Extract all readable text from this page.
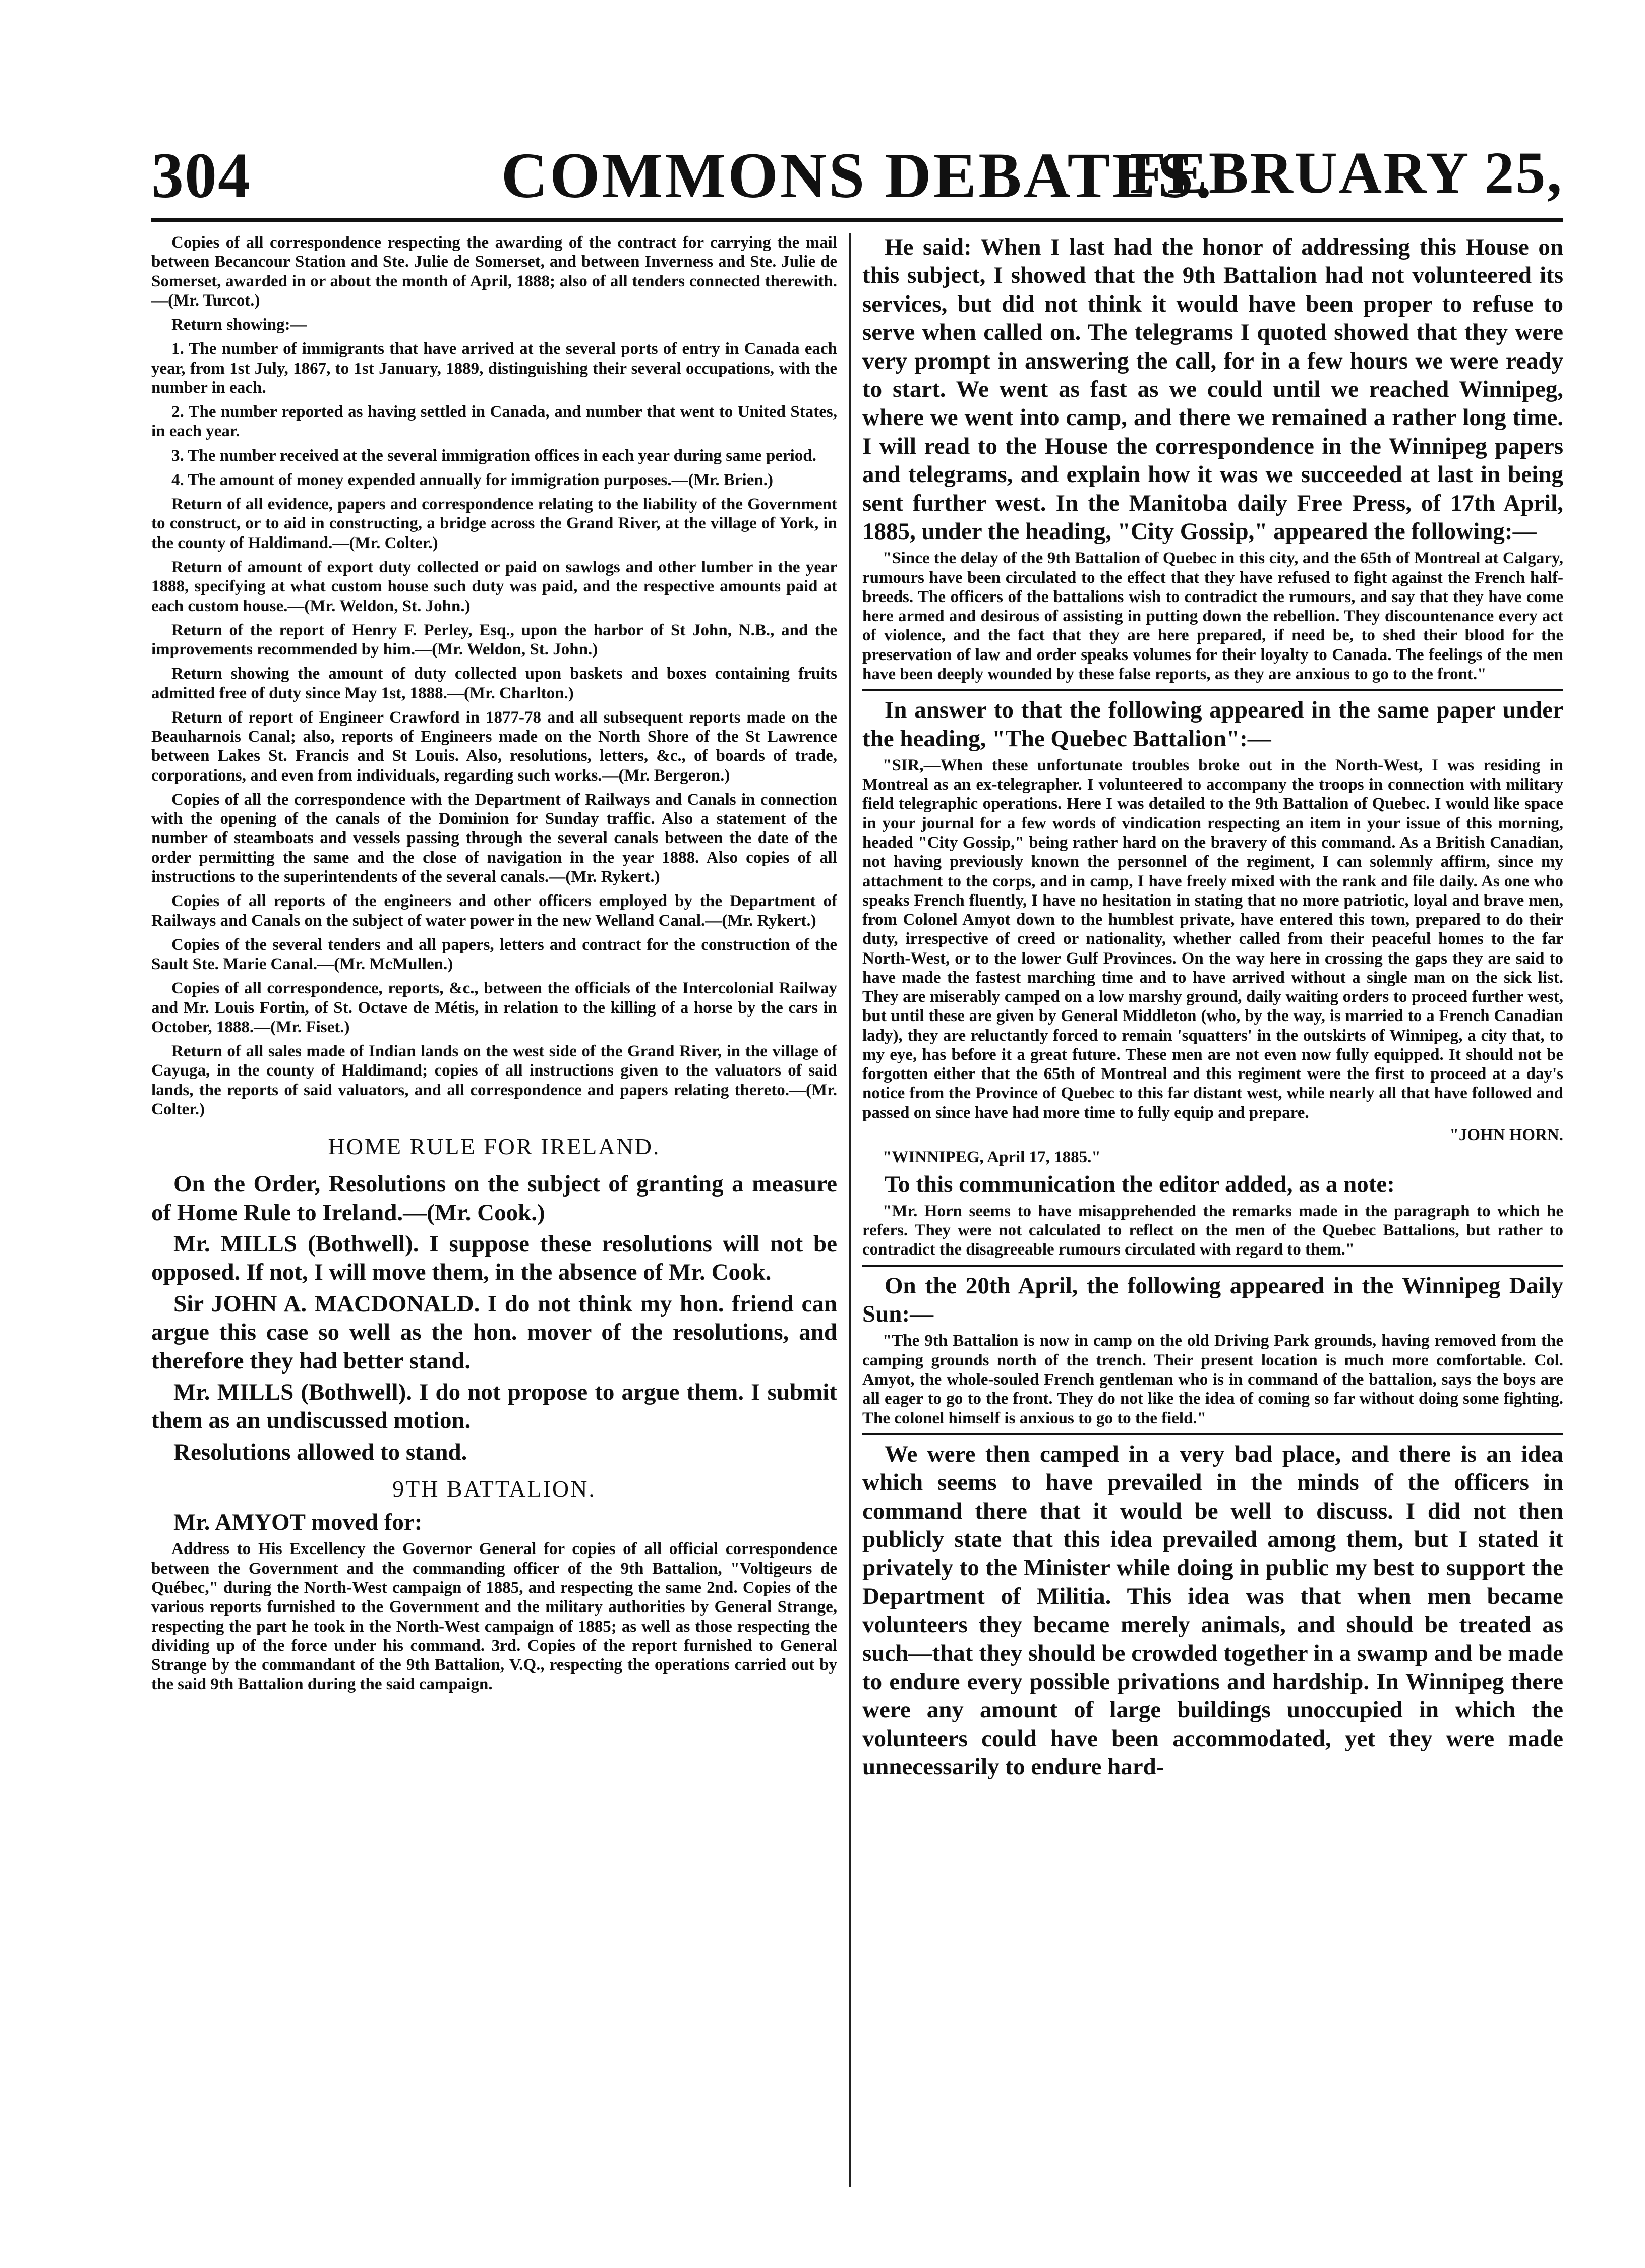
304	COMMONS DEBATES.
FEBRUARY 25,

Copies of all correspondence respecting the awarding of the contract for carrying the mail between Becancour Station and Ste. Julie de Somerset, and between Inverness and Ste. Julie de Somerset, awarded in or about the month of April, 1888; also of all tenders connected therewith.—(Mr. Turcot.)

Return showing:—

1. The number of immigrants that have arrived at the several ports of entry in Canada each year, from 1st July, 1867, to 1st January, 1889, distinguishing their several occupations, with the number in each.

2. The number reported as having settled in Canada, and number that went to United States, in each year.

3. The number received at the several immigration offices in each year during same period.

4. The amount of money expended annually for immigration purposes.—(Mr. Brien.)

Return of all evidence, papers and correspondence relating to the liability of the Government to construct, or to aid in constructing, a bridge across the Grand River, at the village of York, in the county of Haldimand.—(Mr. Colter.)

Return of amount of export duty collected or paid on sawlogs and other lumber in the year 1888, specifying at what custom house such duty was paid, and the respective amounts paid at each custom house.—(Mr. Weldon, St. John.)

Return of the report of Henry F. Perley, Esq., upon the harbor of St John, N.B., and the improvements recommended by him.—(Mr. Weldon, St. John.)

Return showing the amount of duty collected upon baskets and boxes containing fruits admitted free of duty since May 1st, 1888.—(Mr. Charlton.)

Return of report of Engineer Crawford in 1877-78 and all subsequent reports made on the Beauharnois Canal; also, reports of Engineers made on the North Shore of the St Lawrence between Lakes St. Francis and St Louis. Also, resolutions, letters, &c., of boards of trade, corporations, and even from individuals, regarding such works.—(Mr. Bergeron.)

Copies of all the correspondence with the Department of Railways and Canals in connection with the opening of the canals of the Dominion for Sunday traffic. Also a statement of the number of steamboats and vessels passing through the several canals between the date of the order permitting the same and the close of navigation in the year 1888. Also copies of all instructions to the superintendents of the several canals.—(Mr. Rykert.)

Copies of all reports of the engineers and other officers employed by the Department of Railways and Canals on the subject of water power in the new Welland Canal.—(Mr. Rykert.)

Copies of the several tenders and all papers, letters and contract for the construction of the Sault Ste. Marie Canal.—(Mr. McMullen.)

Copies of all correspondence, reports, &c., between the officials of the Intercolonial Railway and Mr. Louis Fortin, of St. Octave de Métis, in relation to the killing of a horse by the cars in October, 1888.—(Mr. Fiset.)

Return of all sales made of Indian lands on the west side of the Grand River, in the village of Cayuga, in the county of Haldimand; copies of all instructions given to the valuators of said lands, the reports of said valuators, and all correspondence and papers relating thereto.—(Mr. Colter.)

HOME RULE FOR IRELAND.

On the Order, Resolutions on the subject of granting a measure of Home Rule to Ireland.—(Mr. Cook.)

Mr. MILLS (Bothwell). I suppose these resolutions will not be opposed. If not, I will move them, in the absence of Mr. Cook.

Sir JOHN A. MACDONALD. I do not think my hon. friend can argue this case so well as the hon. mover of the resolutions, and therefore they had better stand.

Mr. MILLS (Bothwell). I do not propose to argue them. I submit them as an undiscussed motion.

Resolutions allowed to stand.

9TH BATTALION.

Mr. AMYOT moved for:

Address to His Excellency the Governor General for copies of all official correspondence between the Government and the commanding officer of the 9th Battalion, "Voltigeurs de Québec," during the North-West campaign of 1885, and respecting the same 2nd. Copies of the various reports furnished to the Government and the military authorities by General Strange, respecting the part he took in the North-West campaign of 1885; as well as those respecting the dividing up of the force under his command. 3rd. Copies of the report furnished to General Strange by the commandant of the 9th Battalion, V.Q., respecting the operations carried out by the said 9th Battalion during the said campaign.

He said: When I last had the honor of addressing this House on this subject, I showed that the 9th Battalion had not volunteered its services, but did not think it would have been proper to refuse to serve when called on. The telegrams I quoted showed that they were very prompt in answering the call, for in a few hours we were ready to start. We went as fast as we could until we reached Winnipeg, where we went into camp, and there we remained a rather long time. I will read to the House the correspondence in the Winnipeg papers and telegrams, and explain how it was we succeeded at last in being sent further west. In the Manitoba daily Free Press, of 17th April, 1885, under the heading, "City Gossip," appeared the following:—

"Since the delay of the 9th Battalion of Quebec in this city, and the 65th of Montreal at Calgary, rumours have been circulated to the effect that they have refused to fight against the French half-breeds. The officers of the battalions wish to contradict the rumours, and say that they have come here armed and desirous of assisting in putting down the rebellion. They discountenance every act of violence, and the fact that they are here prepared, if need be, to shed their blood for the preservation of law and order speaks volumes for their loyalty to Canada. The feelings of the men have been deeply wounded by these false reports, as they are anxious to go to the front."

In answer to that the following appeared in the same paper under the heading, "The Quebec Battalion":—

"SIR,—When these unfortunate troubles broke out in the North-West, I was residing in Montreal as an ex-telegrapher. I volunteered to accompany the troops in connection with military field telegraphic operations. Here I was detailed to the 9th Battalion of Quebec. I would like space in your journal for a few words of vindication respecting an item in your issue of this morning, headed "City Gossip," being rather hard on the bravery of this command. As a British Canadian, not having previously known the personnel of the regiment, I can solemnly affirm, since my attachment to the corps, and in camp, I have freely mixed with the rank and file daily. As one who speaks French fluently, I have no hesitation in stating that no more patriotic, loyal and brave men, from Colonel Amyot down to the humblest private, have entered this town, prepared to do their duty, irrespective of creed or nationality, whether called from their peaceful homes to the far North-West, or to the lower Gulf Provinces. On the way here in crossing the gaps they are said to have made the fastest marching time and to have arrived without a single man on the sick list. They are miserably camped on a low marshy ground, daily waiting orders to proceed further west, but until these are given by General Middleton (who, by the way, is married to a French Canadian lady), they are reluctantly forced to remain 'squatters' in the outskirts of Winnipeg, a city that, to my eye, has before it a great future. These men are not even now fully equipped. It should not be forgotten either that the 65th of Montreal and this regiment were the first to proceed at a day's notice from the Province of Quebec to this far distant west, while nearly all that have followed and passed on since have had more time to fully equip and prepare.

"JOHN HORN.

"WINNIPEG, April 17, 1885."

To this communication the editor added, as a note:

"Mr. Horn seems to have misapprehended the remarks made in the paragraph to which he refers. They were not calculated to reflect on the men of the Quebec Battalions, but rather to contradict the disagreeable rumours circulated with regard to them."

On the 20th April, the following appeared in the Winnipeg Daily Sun:—

"The 9th Battalion is now in camp on the old Driving Park grounds, having removed from the camping grounds north of the trench. Their present location is much more comfortable. Col. Amyot, the whole-souled French gentleman who is in command of the battalion, says the boys are all eager to go to the front. They do not like the idea of coming so far without doing some fighting. The colonel himself is anxious to go to the field."

We were then camped in a very bad place, and there is an idea which seems to have prevailed in the minds of the officers in command there that it would be well to discuss. I did not then publicly state that this idea prevailed among them, but I stated it privately to the Minister while doing in public my best to support the Department of Militia. This idea was that when men became volunteers they became merely animals, and should be treated as such—that they should be crowded together in a swamp and be made to endure every possible privations and hardship. In Winnipeg there were any amount of large buildings unoccupied in which the volunteers could have been accommodated, yet they were made unnecessarily to endure hard-
